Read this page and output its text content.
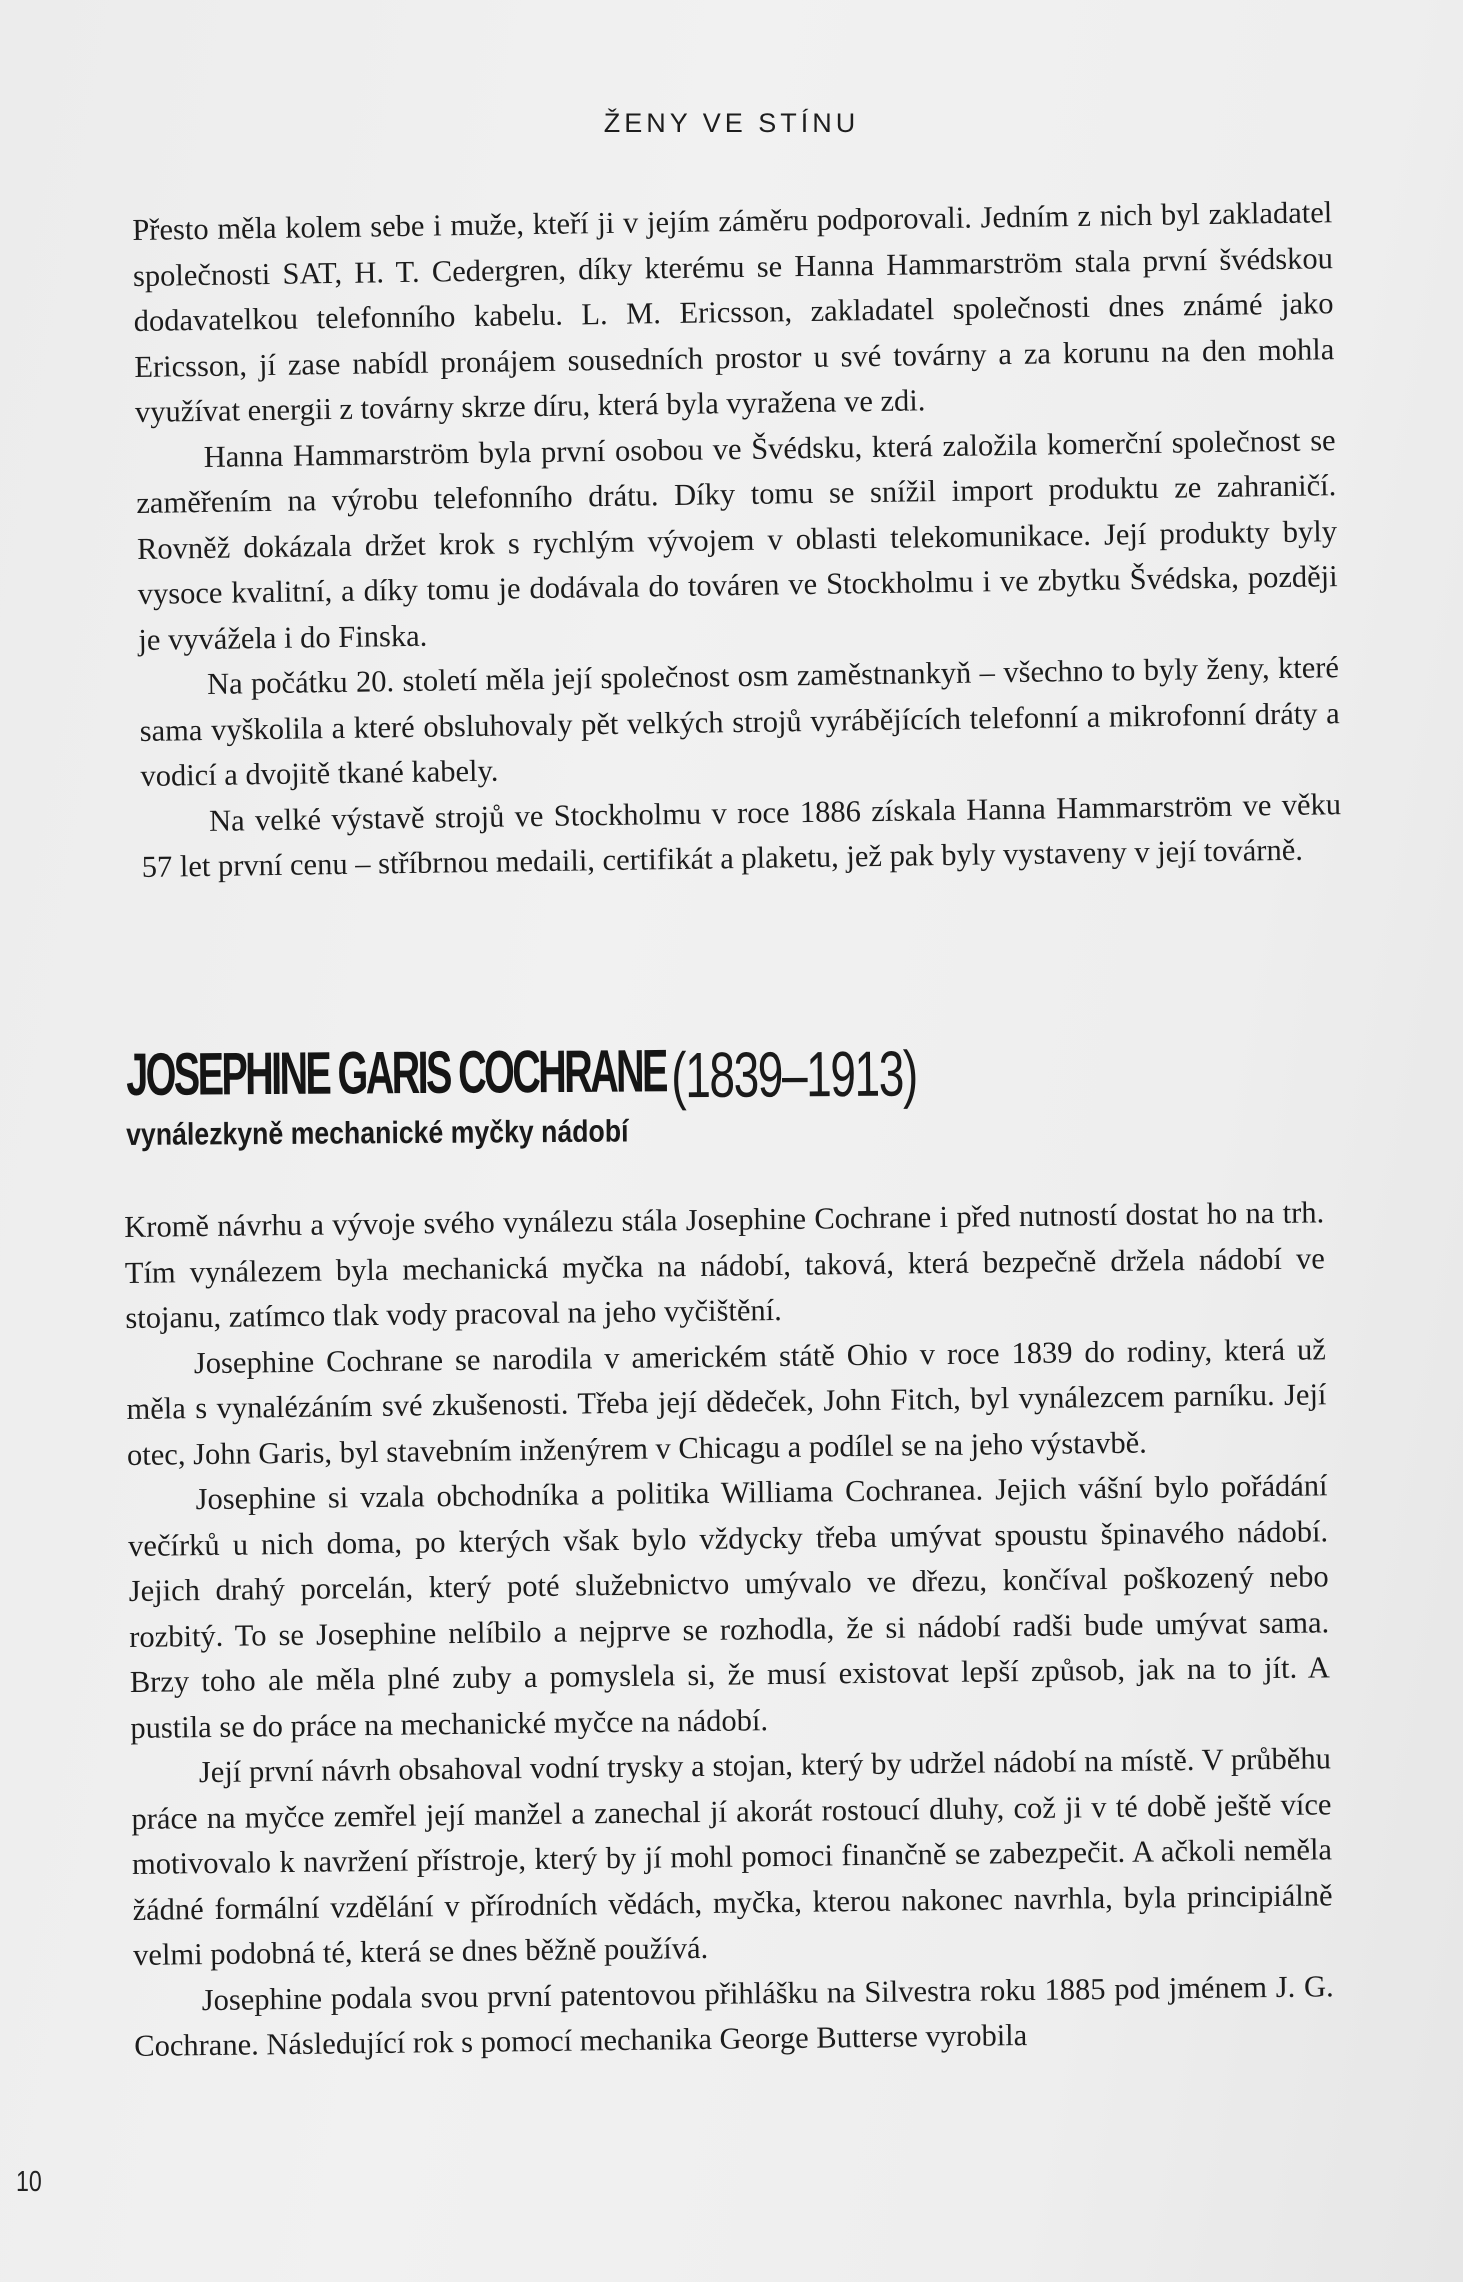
ŽENY VE STÍNU

Přesto měla kolem sebe i muže, kteří ji v jejím záměru podporovali. Jedním z nich byl zakladatel společnosti SAT, H. T. Cedergren, díky kterému se Hanna Hammarström stala první švédskou dodavatelkou telefonního kabelu. L. M. Ericsson, zakladatel společnosti dnes známé jako Ericsson, jí zase nabídl pronájem sousedních prostor u své továrny a za korunu na den mohla využívat energii z továrny skrze díru, která byla vyražena ve zdi.

Hanna Hammarström byla první osobou ve Švédsku, která založila komerční společnost se zaměřením na výrobu telefonního drátu. Díky tomu se snížil import produktu ze zahraničí. Rovněž dokázala držet krok s rychlým vývojem v oblasti telekomunikace. Její produkty byly vysoce kvalitní, a díky tomu je dodávala do továren ve Stockholmu i ve zbytku Švédska, později je vyvážela i do Finska.

Na počátku 20. století měla její společnost osm zaměstnankyň – všechno to byly ženy, které sama vyškolila a které obsluhovaly pět velkých strojů vyrábějících telefonní a mikrofonní dráty a vodicí a dvojitě tkané kabely.

Na velké výstavě strojů ve Stockholmu v roce 1886 získala Hanna Hammarström ve věku 57 let první cenu – stříbrnou medaili, certifikát a plaketu, jež pak byly vystaveny v její továrně.

JOSEPHINE GARIS COCHRANE (1839–1913)
vynálezkyně mechanické myčky nádobí

Kromě návrhu a vývoje svého vynálezu stála Josephine Cochrane i před nutností dostat ho na trh. Tím vynálezem byla mechanická myčka na nádobí, taková, která bezpečně držela nádobí ve stojanu, zatímco tlak vody pracoval na jeho vyčištění.

Josephine Cochrane se narodila v americkém státě Ohio v roce 1839 do rodiny, která už měla s vynalézáním své zkušenosti. Třeba její dědeček, John Fitch, byl vynálezcem parníku. Její otec, John Garis, byl stavebním inženýrem v Chicagu a podílel se na jeho výstavbě.

Josephine si vzala obchodníka a politika Williama Cochranea. Jejich vášní bylo pořádání večírků u nich doma, po kterých však bylo vždycky třeba umývat spoustu špinavého nádobí. Jejich drahý porcelán, který poté služebnictvo umývalo ve dřezu, končíval poškozený nebo rozbitý. To se Josephine nelíbilo a nejprve se rozhodla, že si nádobí radši bude umývat sama. Brzy toho ale měla plné zuby a pomyslela si, že musí existovat lepší způsob, jak na to jít. A pustila se do práce na mechanické myčce na nádobí.

Její první návrh obsahoval vodní trysky a stojan, který by udržel nádobí na místě. V průběhu práce na myčce zemřel její manžel a zanechal jí akorát rostoucí dluhy, což ji v té době ještě více motivovalo k navržení přístroje, který by jí mohl pomoci finančně se zabezpečit. A ačkoli neměla žádné formální vzdělání v přírodních vědách, myčka, kterou nakonec navrhla, byla principiálně velmi podobná té, která se dnes běžně používá.

Josephine podala svou první patentovou přihlášku na Silvestra roku 1885 pod jménem J. G. Cochrane. Následující rok s pomocí mechanika George Butterse vyrobila

10
